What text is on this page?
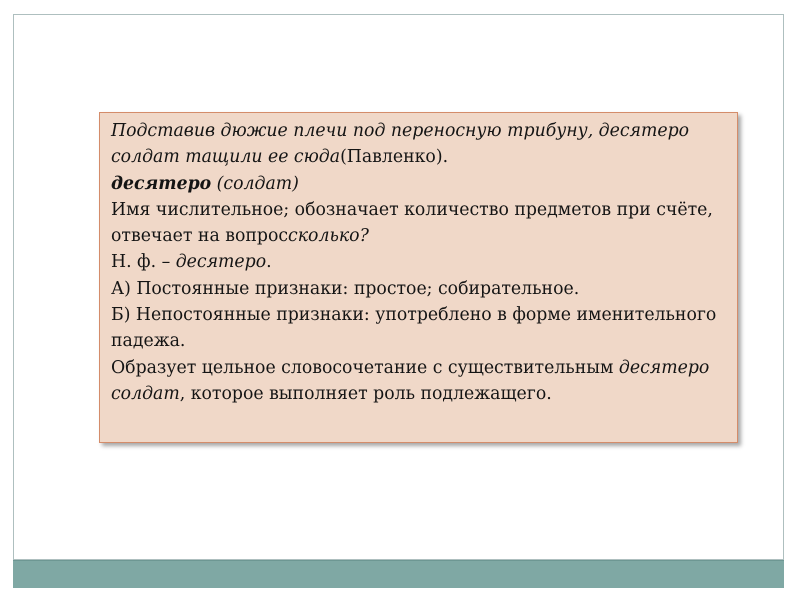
Подставив дюжие плечи под переносную трибуну, десятеро солдат тащили ее сюда(Павленко).

десятеро (солдат)

Имя числительное; обозначает количество предметов при счёте, отвечает на вопроссколько?

Н. ф. – десятеро.

А) Постоянные признаки: простое; собирательное.

Б) Непостоянные признаки: употреблено в форме именительного падежа.

Образует цельное словосочетание с существительным десятеро солдат, которое выполняет роль подлежащего.
